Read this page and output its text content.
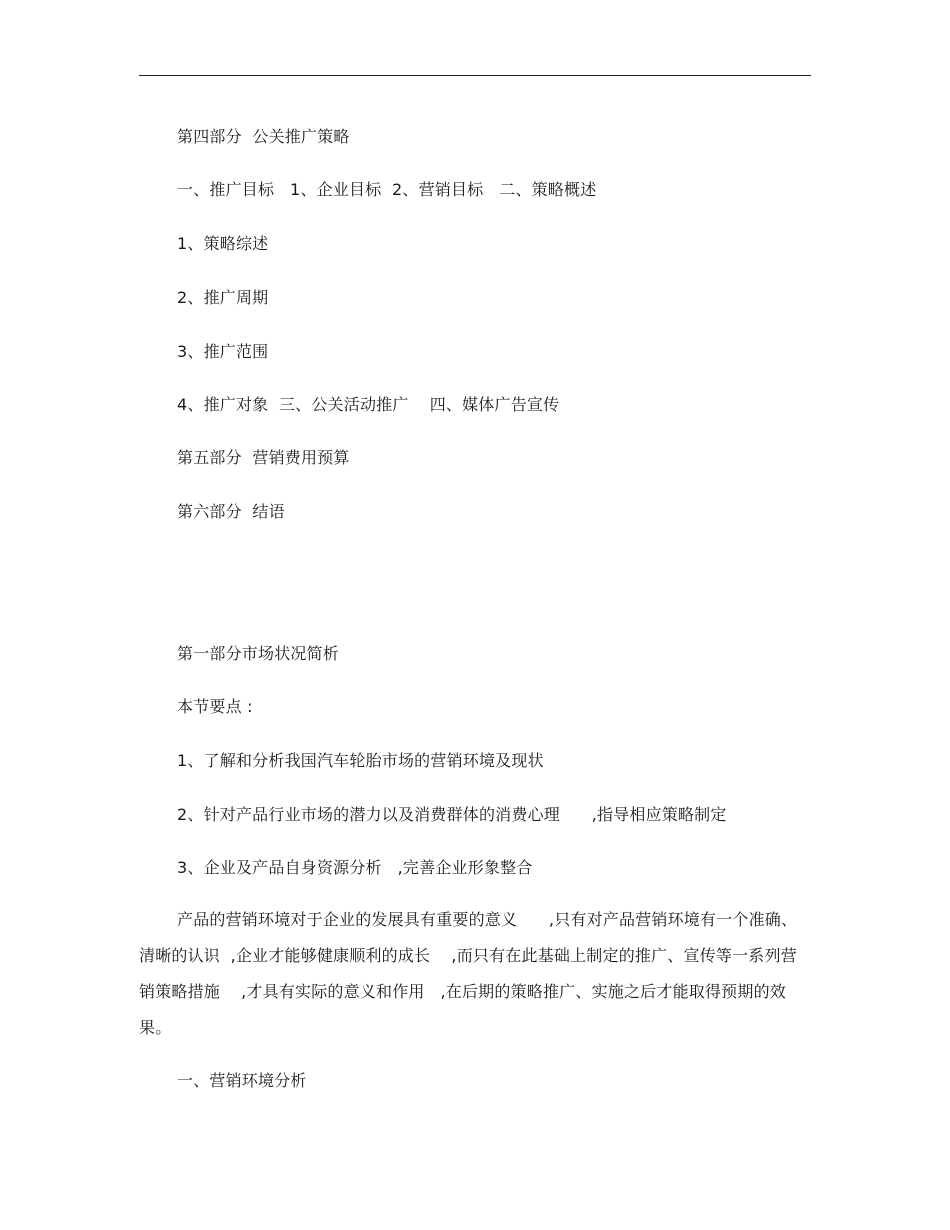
第四部分  公关推广策略
一、推广目标   1、企业目标  2、营销目标   二、策略概述
1、策略综述
2、推广周期
3、推广范围
4、推广对象  三、公关活动推广    四、媒体广告宣传
第五部分  营销费用预算
第六部分  结语
第一部分市场状况简析
本节要点 :
1、了解和分析我国汽车轮胎市场的营销环境及现状
2、针对产品行业市场的潜力以及消费群体的消费心理      ,指导相应策略制定
3、企业及产品自身资源分析   ,完善企业形象整合
产品的营销环境对于企业的发展具有重要的意义      ,只有对产品营销环境有一个准确、清晰的认识  ,企业才能够健康顺利的成长    ,而只有在此基础上制定的推广、宣传等一系列营销策略措施    ,才具有实际的意义和作用   ,在后期的策略推广、实施之后才能取得预期的效果。
一、营销环境分析
